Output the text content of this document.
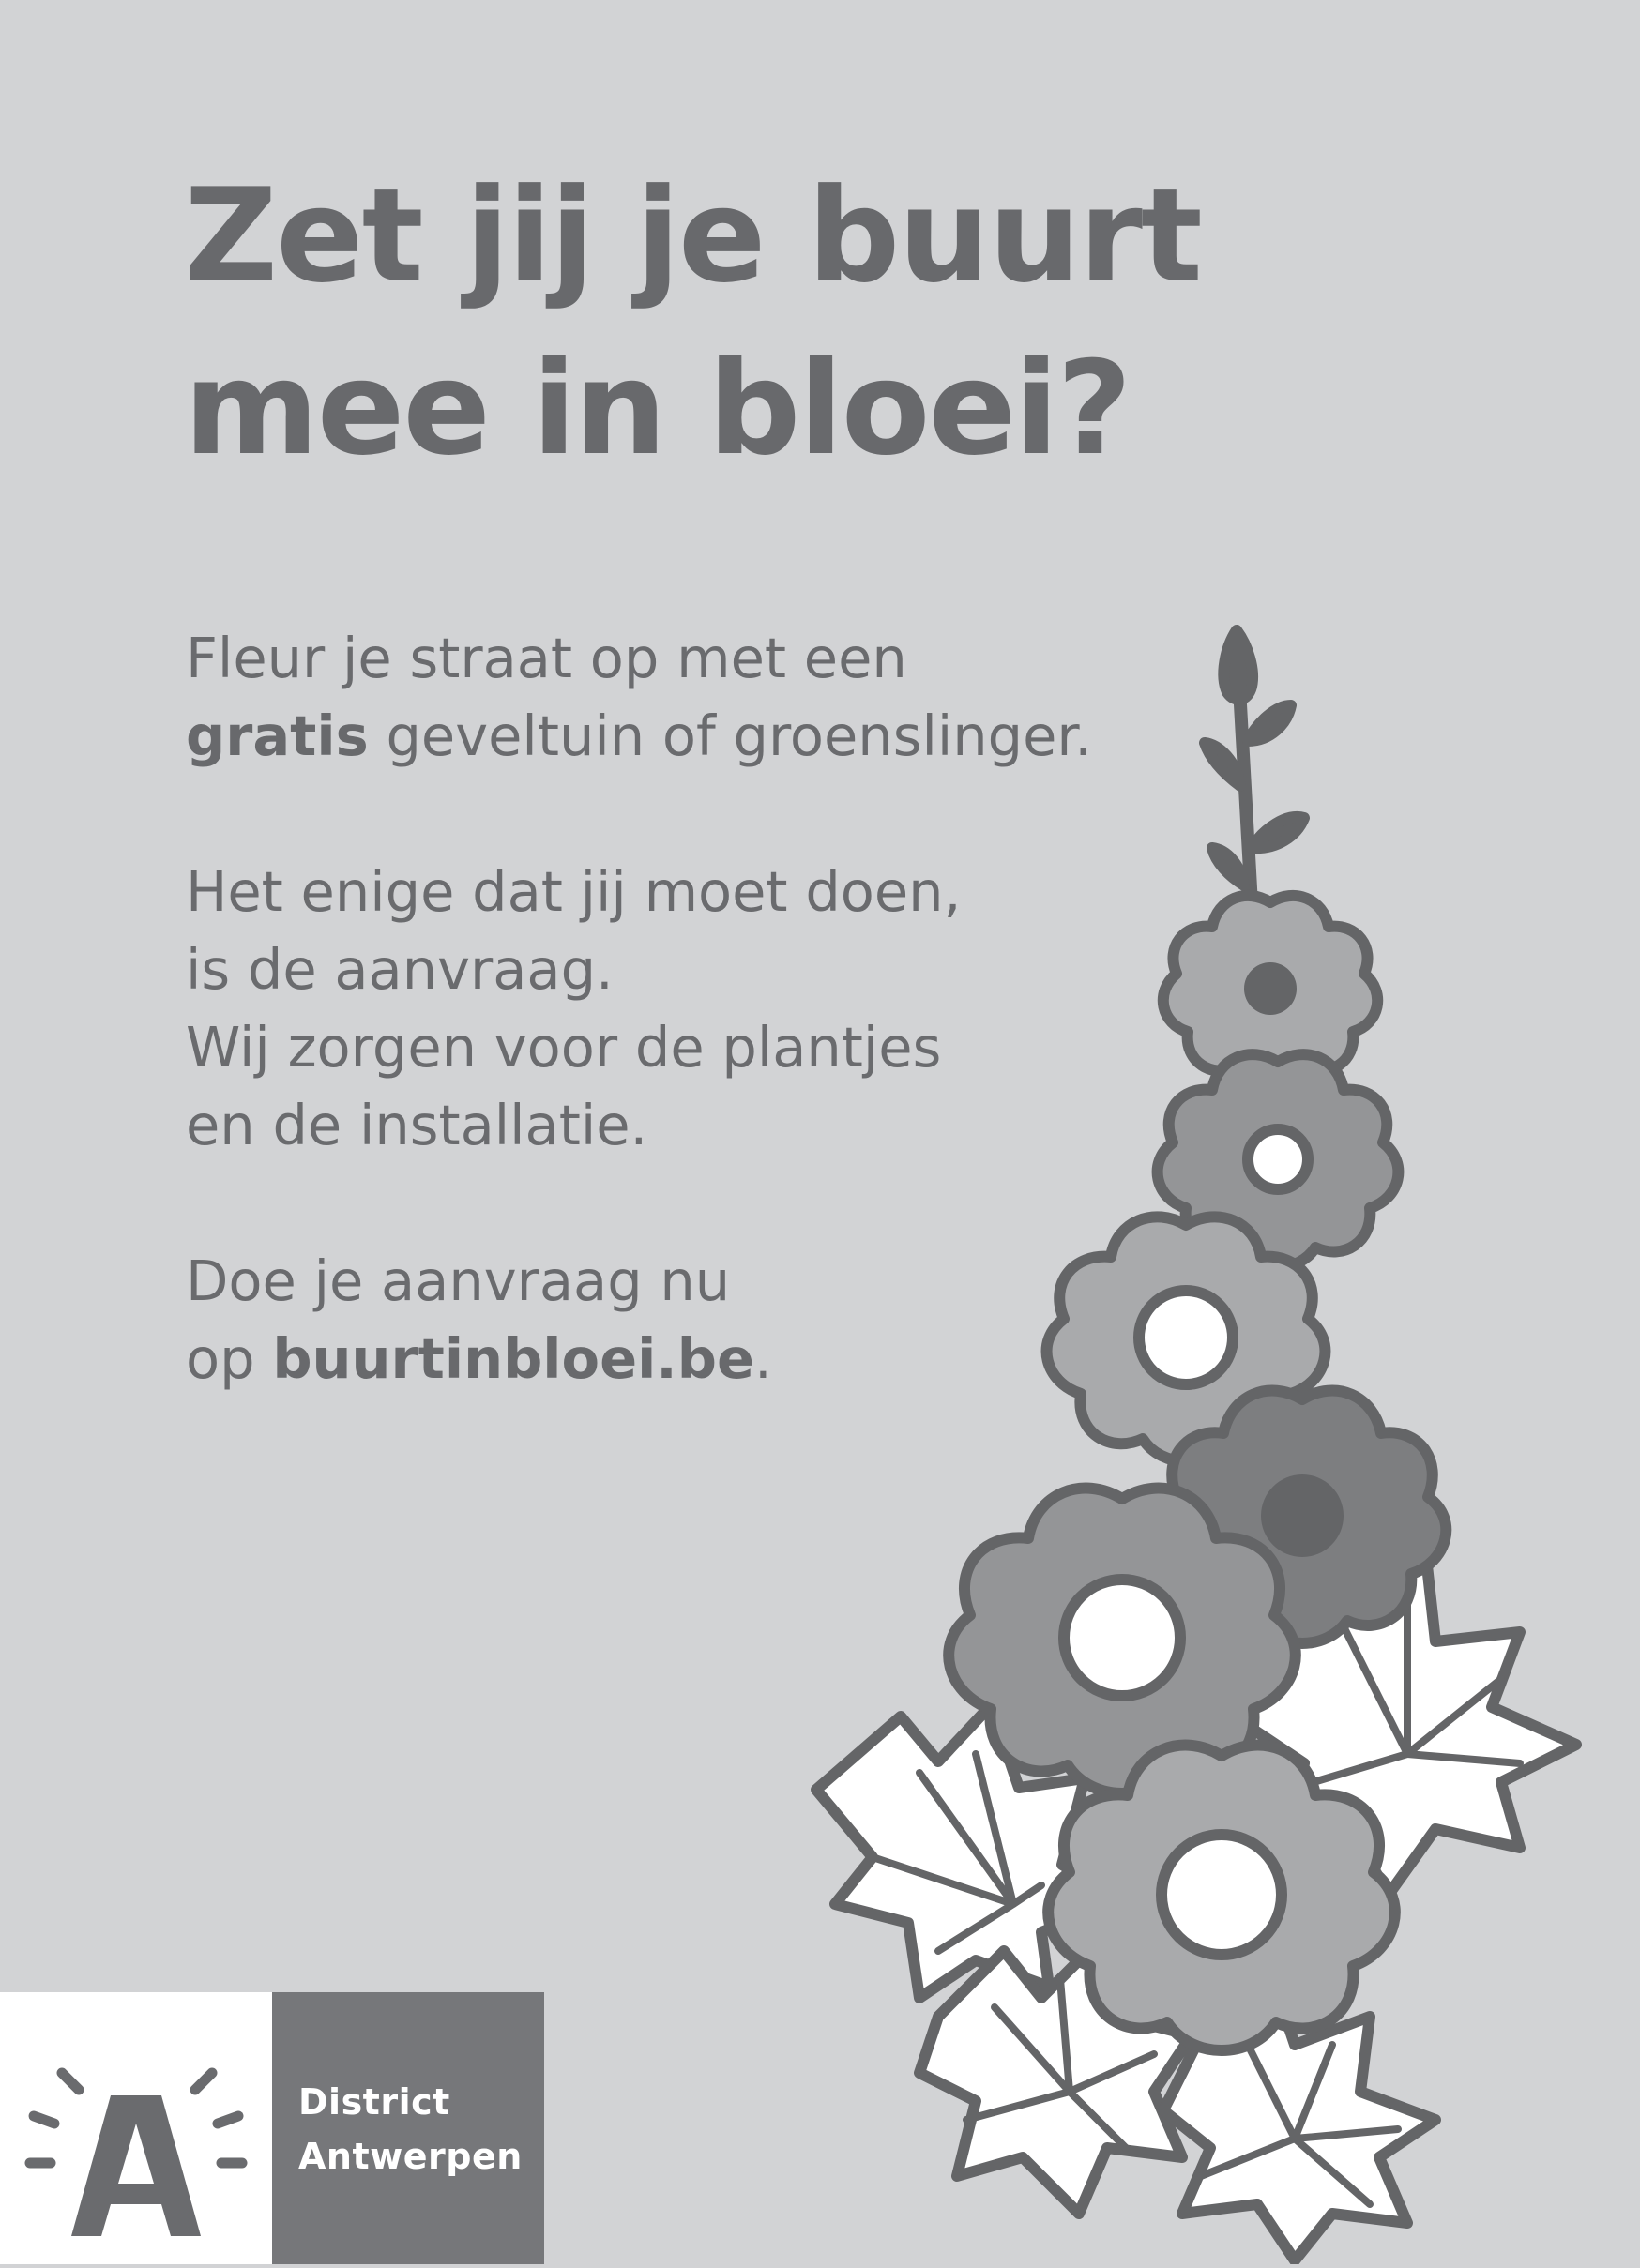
Zet jij je buurt
mee in bloei?

Fleur je straat op met een
gratis geveltuin of groenslinger.

Het enige dat jij moet doen,
is de aanvraag.
Wij zorgen voor de plantjes
en de installatie.

Doe je aanvraag nu
op buurtinbloei.be.

District
Antwerpen
